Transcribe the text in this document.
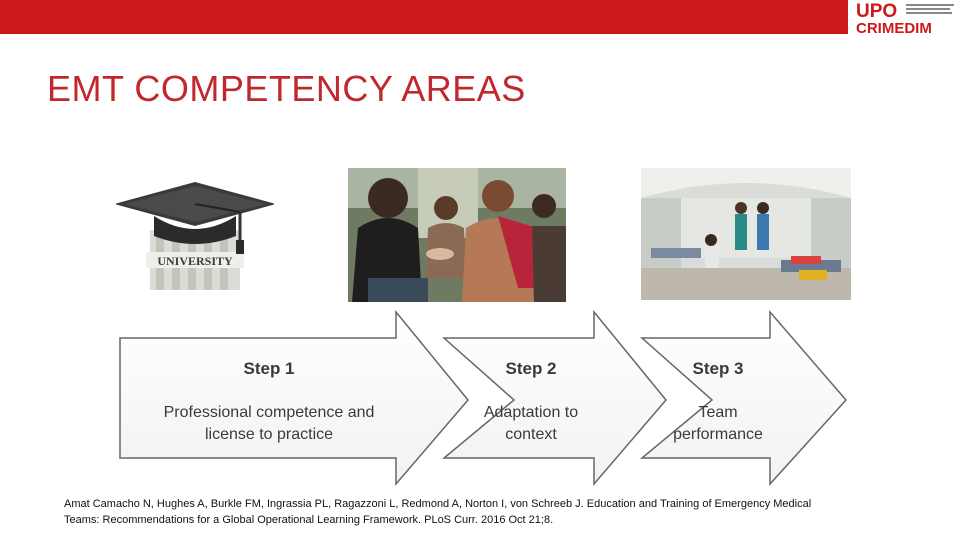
UPO
CRIMEDIM
EMT COMPETENCY AREAS
UNIVERSITY
Step 1
Professional competence and
license to practice
Step 2
Adaptation to
context
Step 3
Team
performance
Amat Camacho N, Hughes A, Burkle FM, Ingrassia PL, Ragazzoni L, Redmond A, Norton I, von Schreeb J. Education and Training of Emergency Medical
Teams: Recommendations for a Global Operational Learning Framework. PLoS Curr. 2016 Oct 21;8.
